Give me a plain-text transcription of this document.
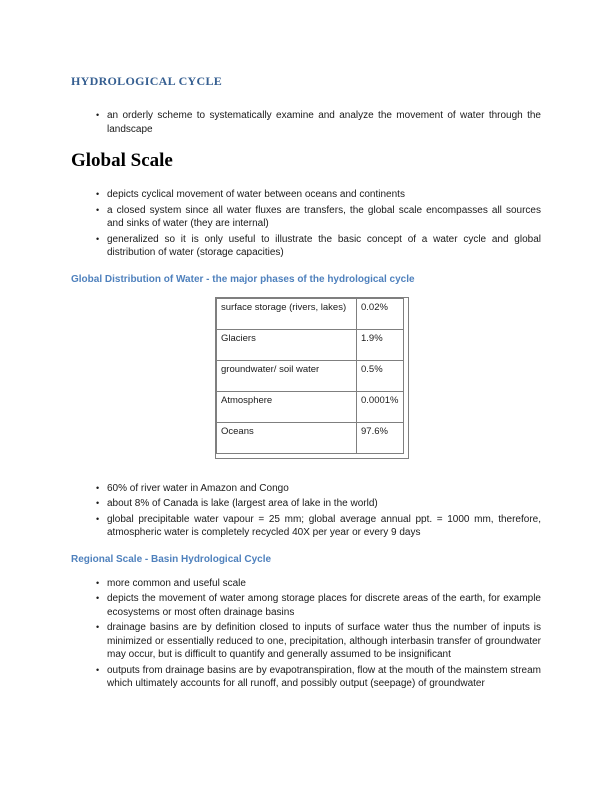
HYDROLOGICAL CYCLE
• an orderly scheme to systematically examine and analyze the movement of water through the landscape
Global Scale
• depicts cyclical movement of water between oceans and continents
• a closed system since all water fluxes are transfers, the global scale encompasses all sources and sinks of water (they are internal)
• generalized so it is only useful to illustrate the basic concept of a water cycle and global distribution of water (storage capacities)
Global Distribution of Water - the major phases of the hydrological cycle
surface storage (rivers, lakes)	0.02%
Glaciers	1.9%
groundwater/ soil water	0.5%
Atmosphere	0.0001%
Oceans	97.6%
• 60% of river water in Amazon and Congo
• about 8% of Canada is lake (largest area of lake in the world)
• global precipitable water vapour = 25 mm; global average annual ppt. = 1000 mm, therefore, atmospheric water is completely recycled 40X per year or every 9 days
Regional Scale - Basin Hydrological Cycle
• more common and useful scale
• depicts the movement of water among storage places for discrete areas of the earth, for example ecosystems or most often drainage basins
• drainage basins are by definition closed to inputs of surface water thus the number of inputs is minimized or essentially reduced to one, precipitation, although interbasin transfer of groundwater may occur, but is difficult to quantify and generally assumed to be insignificant
• outputs from drainage basins are by evapotranspiration, flow at the mouth of the mainstem stream which ultimately accounts for all runoff, and possibly output (seepage) of groundwater
